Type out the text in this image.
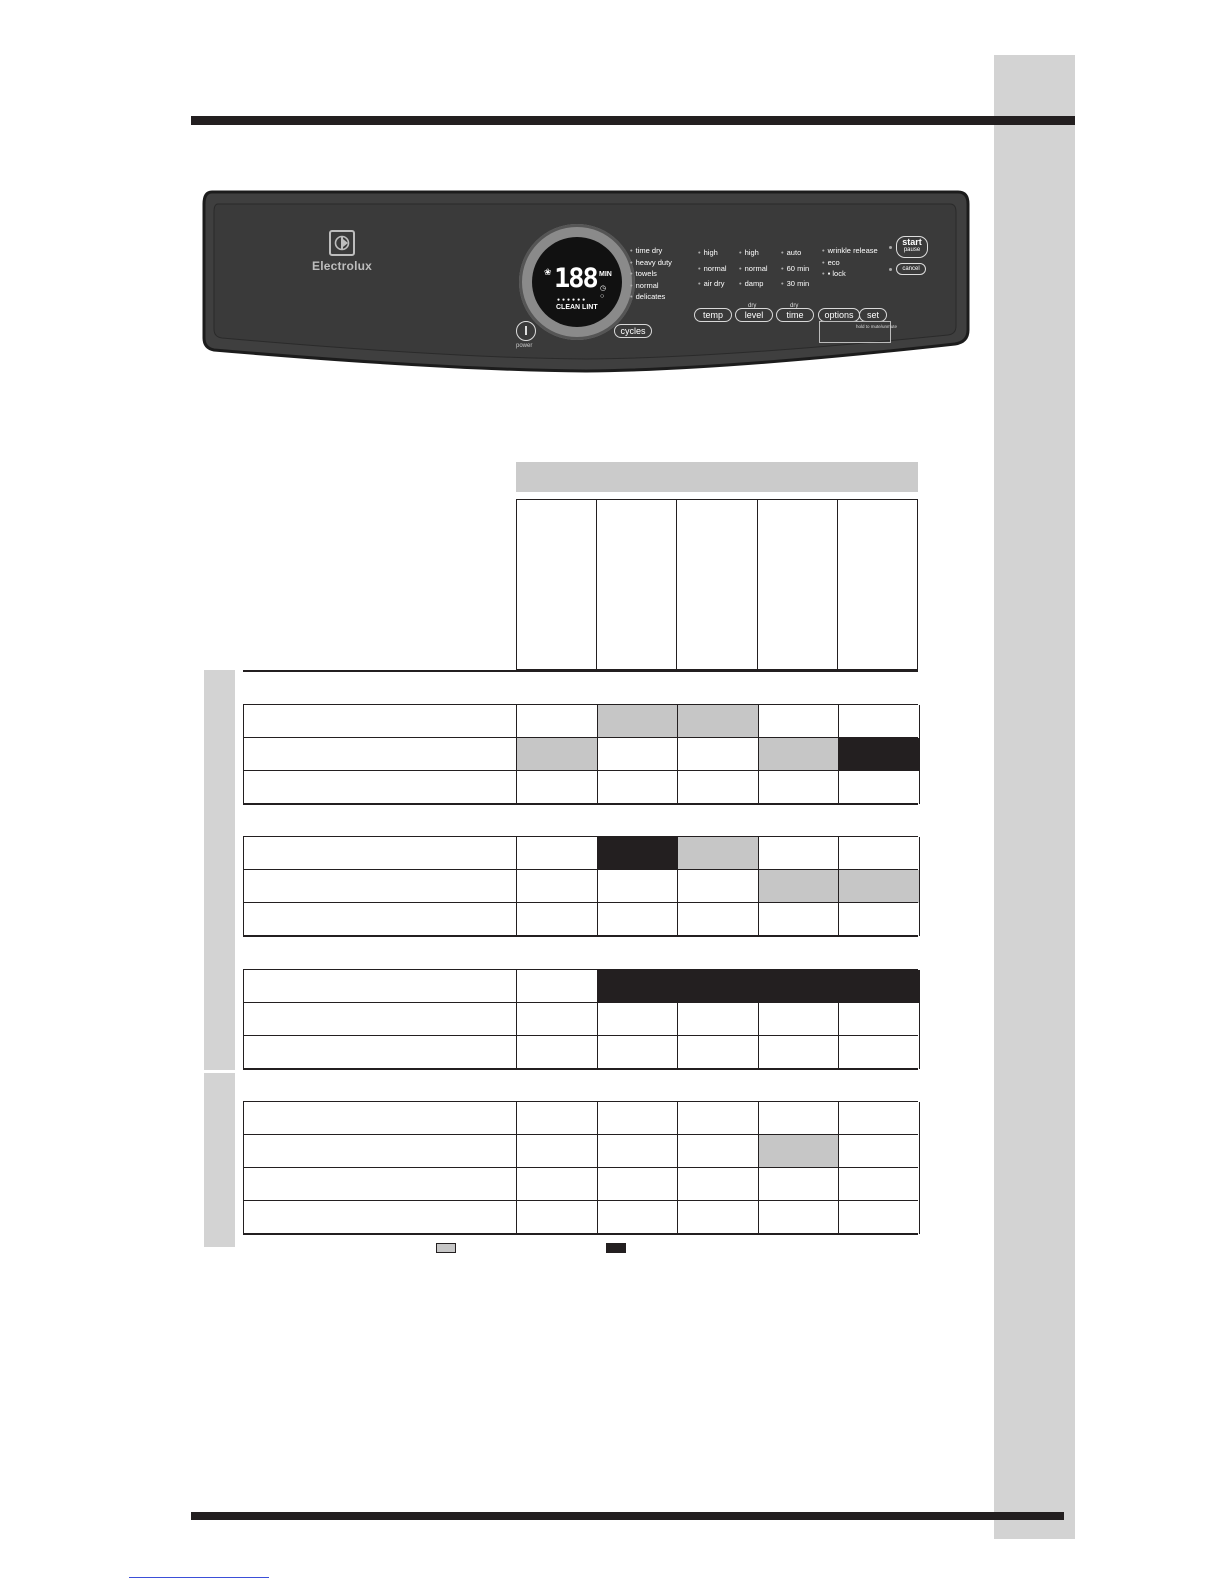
Electrolux	❀ 188 MIN
●●●●●●
◷
○
CLEAN LINT
• time dry
• heavy duty
• towels
• normal
• delicates
• high
• normal
• air dry
• high
• normal
• damp
• auto
• 60 min
• 30 min
• wrinkle release
• eco
• ▪ lock
start
pause
cancel
power
cycles
temp
dry
level
dry
time	options	set
hold to mute/unmute
